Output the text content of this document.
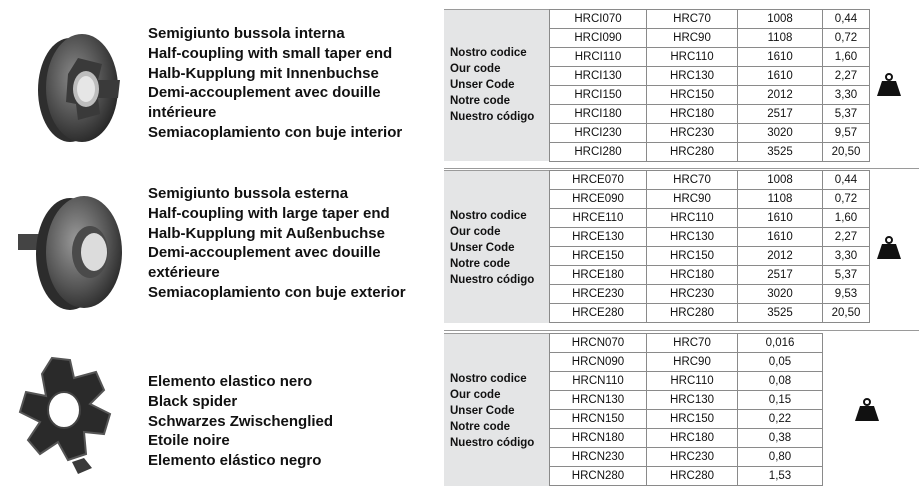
Semigiunto bussola interna
Half-coupling with small taper end
Halb-Kupplung mit Innenbuchse
Demi-accouplement avec douille
intérieure
Semiacoplamiento con buje interior
Nostro codice
Our code
Unser Code
Notre code
Nuestro código
HRCI070	HRC70	1008	0,44
HRCI090	HRC90	1108	0,72
HRCI110	HRC110	1610	1,60
HRCI130	HRC130	1610	2,27
HRCI150	HRC150	2012	3,30
HRCI180	HRC180	2517	5,37
HRCI230	HRC230	3020	9,57
HRCI280	HRC280	3525	20,50
Semigiunto bussola esterna
Half-coupling with large taper end
Halb-Kupplung mit Außenbuchse
Demi-accouplement avec douille
extérieure
Semiacoplamiento con buje exterior
Nostro codice
Our code
Unser Code
Notre code
Nuestro código
HRCE070	HRC70	1008	0,44
HRCE090	HRC90	1108	0,72
HRCE110	HRC110	1610	1,60
HRCE130	HRC130	1610	2,27
HRCE150	HRC150	2012	3,30
HRCE180	HRC180	2517	5,37
HRCE230	HRC230	3020	9,53
HRCE280	HRC280	3525	20,50
Elemento elastico nero
Black spider
Schwarzes Zwischenglied
Etoile noire
Elemento elástico negro
Nostro codice
Our code
Unser Code
Notre code
Nuestro código
HRCN070	HRC70	0,016
HRCN090	HRC90	0,05
HRCN110	HRC110	0,08
HRCN130	HRC130	0,15
HRCN150	HRC150	0,22
HRCN180	HRC180	0,38
HRCN230	HRC230	0,80
HRCN280	HRC280	1,53
